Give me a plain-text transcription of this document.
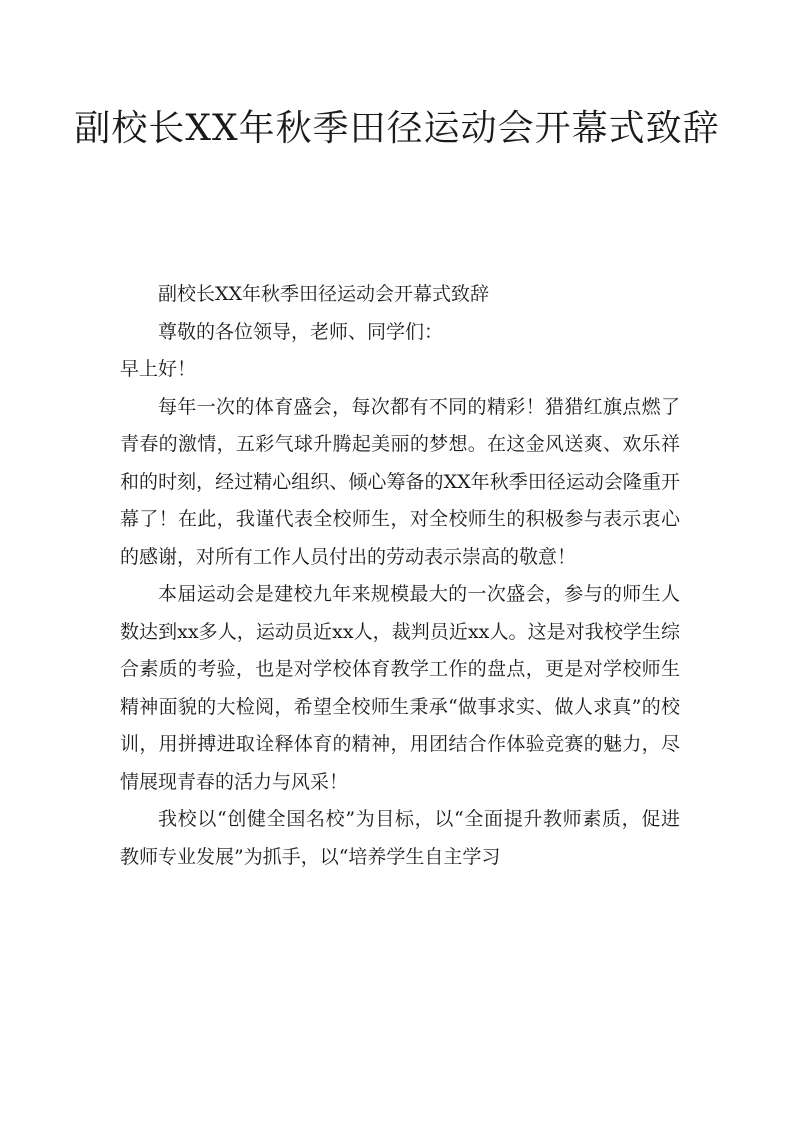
副校长XX年秋季田径运动会开幕式致辞

副校长XX年秋季田径运动会开幕式致辞

尊敬的各位领导，老师、同学们：

早上好！

每年一次的体育盛会，每次都有不同的精彩！猎猎红旗点燃了青春的激情，五彩气球升腾起美丽的梦想。在这金风送爽、欢乐祥和的时刻，经过精心组织、倾心筹备的XX年秋季田径运动会隆重开幕了！在此，我谨代表全校师生，对全校师生的积极参与表示衷心的感谢，对所有工作人员付出的劳动表示崇高的敬意！

本届运动会是建校九年来规模最大的一次盛会，参与的师生人数达到xx多人，运动员近xx人，裁判员近xx人。这是对我校学生综合素质的考验，也是对学校体育教学工作的盘点，更是对学校师生精神面貌的大检阅，希望全校师生秉承“做事求实、做人求真”的校训，用拼搏进取诠释体育的精神，用团结合作体验竞赛的魅力，尽情展现青春的活力与风采！

我校以“创健全国名校”为目标，以“全面提升教师素质，促进教师专业发展”为抓手，以“培养学生自主学习
